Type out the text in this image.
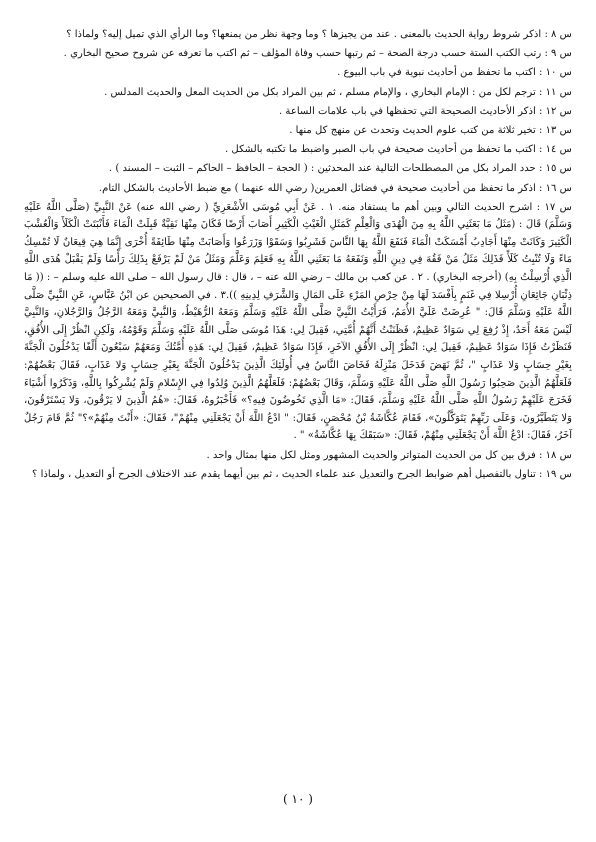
س ٨ : اذكر شروط رواية الحديث بالمعنى . عند من يجيزها ؟ وما وجهة نظر من يمنعها؟ وما الرأي الذي تميل إليه؟ ولماذا ؟

س ٩ : رتب الكتب الستة حسب درجة الصحة – ثم رتبها حسب وفاة المؤلف – ثم اكتب ما تعرفه عن شروح صحيح البخاري .

س ١٠ : اكتب ما تحفظ من أحاديث نبوية في باب البيوع .

س ١١ : ترجم لكل من : الإمام البخاري ، والإمام مسلم ، ثم بين المراد بكل من الحديث المعل والحديث المدلس .

س ١٢ : اذكر الأحاديث الصحيحة التي تحفظها في باب علامات الساعة .

س ١٣ : تخير ثلاثة من كتب علوم الحديث وتحدث عن منهج كل منها .

س ١٤ : اكتب ما تحفظ من أحاديث صحيحة في باب الصبر واضبط ما تكتبه بالشكل .

س ١٥ : حدد المراد بكل من المصطلحات التالية عند المحدثين : ( الحجة – الحافظ – الحاكم – الثبت – المسند ) .

س ١٦ : اذكر ما تحفظ من أحاديث صحيحة في فضائل العمرين( رضي الله عنهما ) مع ضبط الأحاديث بالشكل التام.

س ١٧ : اشرح الحديث التالي وبين أهم ما يستفاد منه. ١ . عَنْ أَبِي مُوسَى الأَشْعَرِيِّ ( رضي الله عنه) عَنْ النَّبِيِّ (صَلَّى اللَّهُ عَلَيْهِ وَسَلَّمَ) قَالَ : (مَثَلُ مَا بَعَثَنِي اللَّهُ بِهِ مِنَ الْهُدَى وَالْعِلْمِ كَمَثَلِ الْغَيْثِ الْكَثِيرِ أَصَابَ أَرْضًا فَكَانَ مِنْهَا نَقِيَّةٌ قَبِلَتْ الْمَاءَ فَأَنْبَتَتْ الْكَلَأَ وَالْعُشْبَ الْكَثِيرَ وَكَانَتْ مِنْهَا أَجَادِبُ أَمْسَكَتْ الْمَاءَ فَنَفَعَ اللَّهُ بِهَا النَّاسَ فَشَرِبُوا وَسَقَوْا وَزَرَعُوا وَأَصَابَتْ مِنْهَا طَائِفَةً أُخْرَى إِنَّمَا هِيَ قِيعَانٌ لَا تُمْسِكُ مَاءً وَلَا تُنْبِتُ كَلَأً فَذَلِكَ مَثَلُ مَنْ فَقُهَ فِي دِينِ اللَّهِ وَنَفَعَهُ مَا بَعَثَنِي اللَّهُ بِهِ فَعَلِمَ وَعَلَّمَ وَمَثَلُ مَنْ لَمْ يَرْفَعْ بِذَلِكَ رَأْسًا وَلَمْ يَقْبَلْ هُدَى اللَّهِ الَّذِي أُرْسِلْتُ بِهِ) (أخرجه البخاري) . ٢ . عن كعب بن مالك – رضي الله عنه – ، قال : قال رسول الله – صلى الله عليه وسلم – : (( مَا ذِئْبَانِ جَائِعَانِ أُرْسِلا فِي غَنَمٍ بِأَفْسَدَ لَهَا مِنْ حِرْصِ المَرْءِ عَلَى المَالِ وَالشَّرَفِ لِدِينِهِ )).٣ . في الصحيحين عن ابْنُ عَبَّاسٍ، عَنِ النَّبِيِّ صَلَّى اللَّهُ عَلَيْهِ وَسَلَّمَ قَالَ: " عُرِضَتْ عَلَيَّ الأُمَمُ، فَرَأَيْتُ النَّبِيَّ صَلَّى اللَّهُ عَلَيْهِ وَسَلَّمَ وَمَعَهُ الرُّهَيْطُ، وَالنَّبِيَّ وَمَعَهُ الرَّجُلُ وَالرَّجُلانِ، وَالنَّبِيَّ لَيْسَ مَعَهُ أَحَدٌ، إِذْ رُفِعَ لِي سَوَادٌ عَظِيمٌ، فَظَنَنْتُ أَنَّهُمْ أُمَّتِي، فَقِيلَ لِي: هَذَا مُوسَى صَلَّى اللَّهُ عَلَيْهِ وَسَلَّمَ وَقَوْمُهُ، وَلَكِنِ انْظُرْ إِلَى الأُفُقِ، فَنَظَرْتُ فَإِذَا سَوَادٌ عَظِيمٌ، فَقِيلَ لِي: انْظُرْ إِلَى الأُفُقِ الآخَرِ، فَإِذَا سَوَادٌ عَظِيمٌ، فَقِيلَ لِي: هَذِهِ أُمَّتُكَ وَمَعَهُمْ سَبْعُونَ أَلْفًا يَدْخُلُونَ الْجَنَّةَ بِغَيْرِ حِسَابٍ وَلا عَذَابٍ "، ثُمَّ نَهَضَ فَدَخَلَ مَنْزِلَهُ فَخَاضَ النَّاسُ فِي أُولَئِكَ الَّذِينَ يَدْخُلُونَ الْجَنَّةَ بِغَيْرِ حِسَابٍ وَلا عَذَابٍ، فَقَالَ بَعْضُهُمْ: فَلَعَلَّهُمُ الَّذِينَ صَحِبُوا رَسُولَ اللَّهِ صَلَّى اللَّهُ عَلَيْهِ وَسَلَّمَ، وَقَالَ بَعْضُهُمْ: فَلَعَلَّهُمُ الَّذِينَ وُلِدُوا فِي الإِسْلامِ وَلَمْ يُشْرِكُوا بِاللَّهِ، وَذَكَرُوا أَشْيَاءَ فَخَرَجَ عَلَيْهِمْ رَسُولُ اللَّهِ صَلَّى اللَّهُ عَلَيْهِ وَسَلَّمَ، فَقَالَ: «مَا الَّذِي تَخُوضُونَ فِيهِ؟» فَأَخْبَرُوهُ، فَقَالَ: «هُمُ الَّذِينَ لا يَرْقُونَ، وَلا يَسْتَرْقُونَ، وَلا يَتَطَيَّرُونَ، وَعَلَى رَبِّهِمْ يَتَوَكَّلُونَ»، فَقَامَ عُكَّاشَةُ بْنُ مُحْصَنٍ، فَقَالَ: " ادْعُ اللَّهَ أَنْ يَجْعَلَنِي مِنْهُمْ"، فَقَالَ: «أَنْتَ مِنْهُمْ»؟" ثُمَّ قَامَ رَجُلٌ آخَرُ، فَقَالَ: ادْعُ اللَّهَ أَنْ يَجْعَلَنِي مِنْهُمْ، فَقَالَ: «سَبَقَكَ بِهَا عُكَّاشَةُ» " .

س ١٨ : فرق بين كل من الحديث المتواتر والحديث المشهور ومثل لكل منها بمثال واحد .

س ١٩ : تناول بالتفصيل أهم ضوابط الجرح والتعديل عند علماء الحديث ، ثم بين أيهما يقدم عند الاختلاف الجرح أو التعديل ، ولماذا ؟

( ١٠ )
